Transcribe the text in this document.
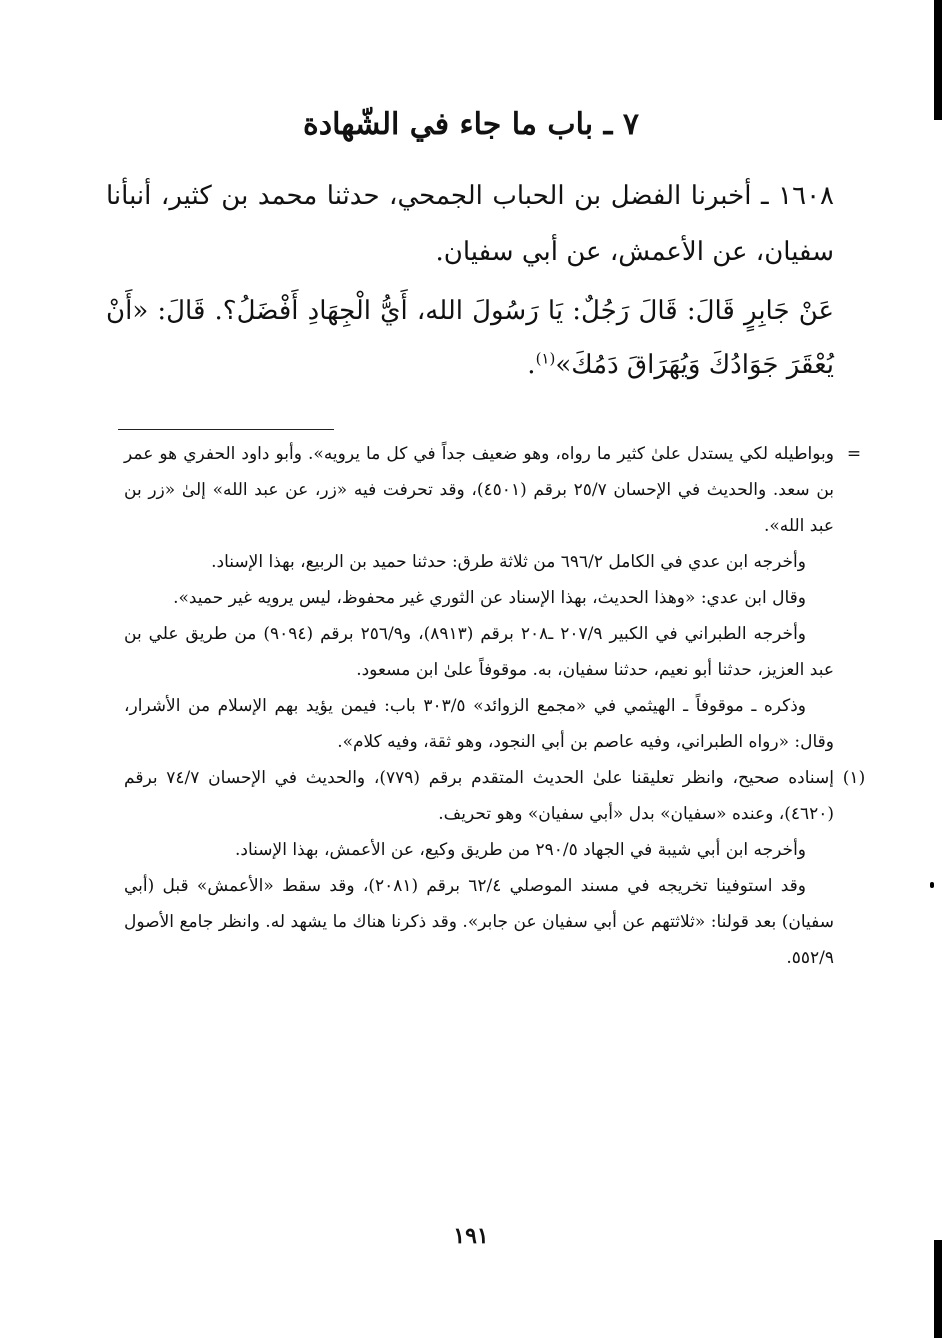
٧ ـ باب ما جاء في الشّهادة

١٦٠٨ ـ أخبرنا الفضل بن الحباب الجمحي، حدثنا محمد بن كثير، أنبأنا سفيان، عن الأعمش، عن أبي سفيان.

عَنْ جَابِرٍ قَالَ: قَالَ رَجُلٌ: يَا رَسُولَ الله، أَيُّ الْجِهَادِ أَفْضَلُ؟. قَالَ: «أَنْ يُعْقَرَ جَوَادُكَ وَيُهَرَاقَ دَمُكَ»$^{(١)}$.

=
وبواطيله لكي يستدل علىٰ كثير ما رواه، وهو ضعيف جداً في كل ما يرويه». وأبو داود الحفري هو عمر بن سعد. والحديث في الإحسان ٢٥/٧ برقم (٤٥٠١)، وقد تحرفت فيه «زر، عن عبد الله» إلىٰ «زر بن عبد الله».

وأخرجه ابن عدي في الكامل ٦٩٦/٢ من ثلاثة طرق: حدثنا حميد بن الربيع، بهذا الإسناد.

وقال ابن عدي: «وهذا الحديث، بهذا الإسناد عن الثوري غير محفوظ، ليس يرويه غير حميد».

وأخرجه الطبراني في الكبير ٢٠٧/٩ ـ٢٠٨ برقم (٨٩١٣)، و٢٥٦/٩ برقم (٩٠٩٤) من طريق علي بن عبد العزيز، حدثنا أبو نعيم، حدثنا سفيان، به. موقوفاً علىٰ ابن مسعود.

وذكره ـ موقوفاً ـ الهيثمي في «مجمع الزوائد» ٣٠٣/٥ باب: فيمن يؤيد بهم الإسلام من الأشرار، وقال: «رواه الطبراني، وفيه عاصم بن أبي النجود، وهو ثقة، وفيه كلام».

(١)
إسناده صحيح، وانظر تعليقنا علىٰ الحديث المتقدم برقم (٧٧٩)، والحديث في الإحسان ٧٤/٧ برقم (٤٦٢٠)، وعنده «سفيان» بدل «أبي سفيان» وهو تحريف.

وأخرجه ابن أبي شيبة في الجهاد ٢٩٠/٥ من طريق وكيع، عن الأعمش، بهذا الإسناد.

وقد استوفينا تخريجه في مسند الموصلي ٦٢/٤ برقم (٢٠٨١)، وقد سقط «الأعمش» قبل (أبي سفيان) بعد قولنا: «ثلاثتهم عن أبي سفيان عن جابر». وقد ذكرنا هناك ما يشهد له. وانظر جامع الأصول ٥٥٢/٩.

١٩١
